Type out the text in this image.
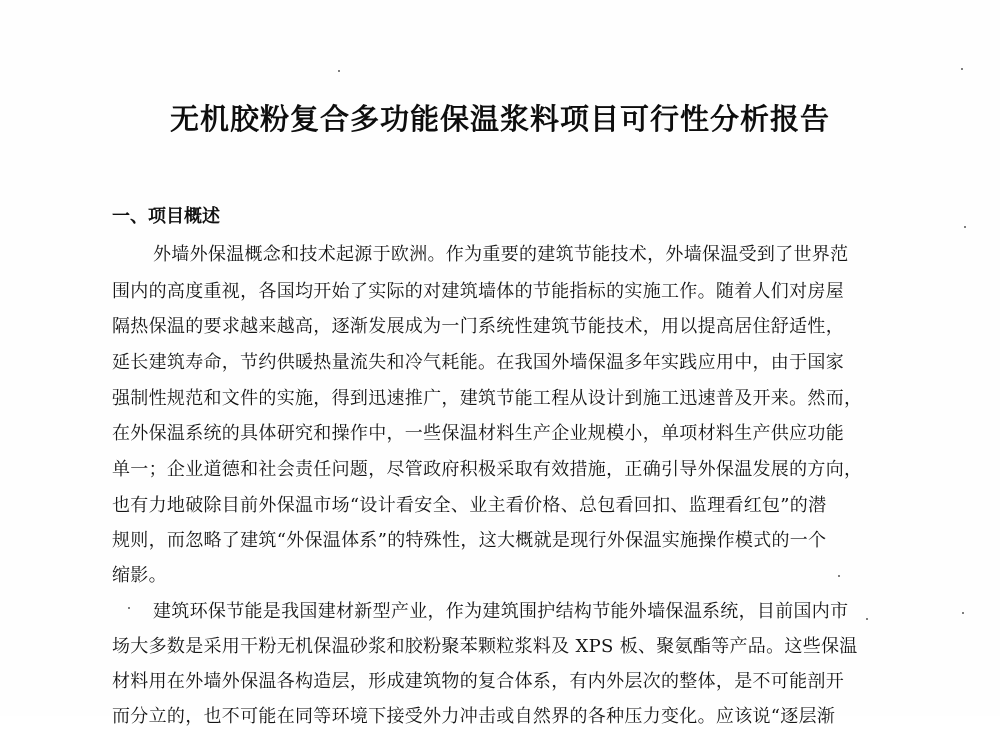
无机胶粉复合多功能保温浆料项目可行性分析报告
一、项目概述
外墙外保温概念和技术起源于欧洲。作为重要的建筑节能技术，外墙保温受到了世界范
围内的高度重视，各国均开始了实际的对建筑墙体的节能指标的实施工作。随着人们对房屋
隔热保温的要求越来越高，逐渐发展成为一门系统性建筑节能技术，用以提高居住舒适性，
延长建筑寿命，节约供暖热量流失和冷气耗能。在我国外墙保温多年实践应用中，由于国家
强制性规范和文件的实施，得到迅速推广，建筑节能工程从设计到施工迅速普及开来。然而，
在外保温系统的具体研究和操作中，一些保温材料生产企业规模小，单项材料生产供应功能
单一；企业道德和社会责任问题，尽管政府积极采取有效措施，正确引导外保温发展的方向，
也有力地破除目前外保温市场“设计看安全、业主看价格、总包看回扣、监理看红包”的潜
规则，而忽略了建筑“外保温体系”的特殊性，这大概就是现行外保温实施操作模式的一个
缩影。
建筑环保节能是我国建材新型产业，作为建筑围护结构节能外墙保温系统，目前国内市
场大多数是采用干粉无机保温砂浆和胶粉聚苯颗粒浆料及 XPS 板、聚氨酯等产品。这些保温
材料用在外墙外保温各构造层，形成建筑物的复合体系，有内外层次的整体，是不可能剖开
而分立的，也不可能在同等环境下接受外力冲击或自然界的各种压力变化。应该说“逐层渐
